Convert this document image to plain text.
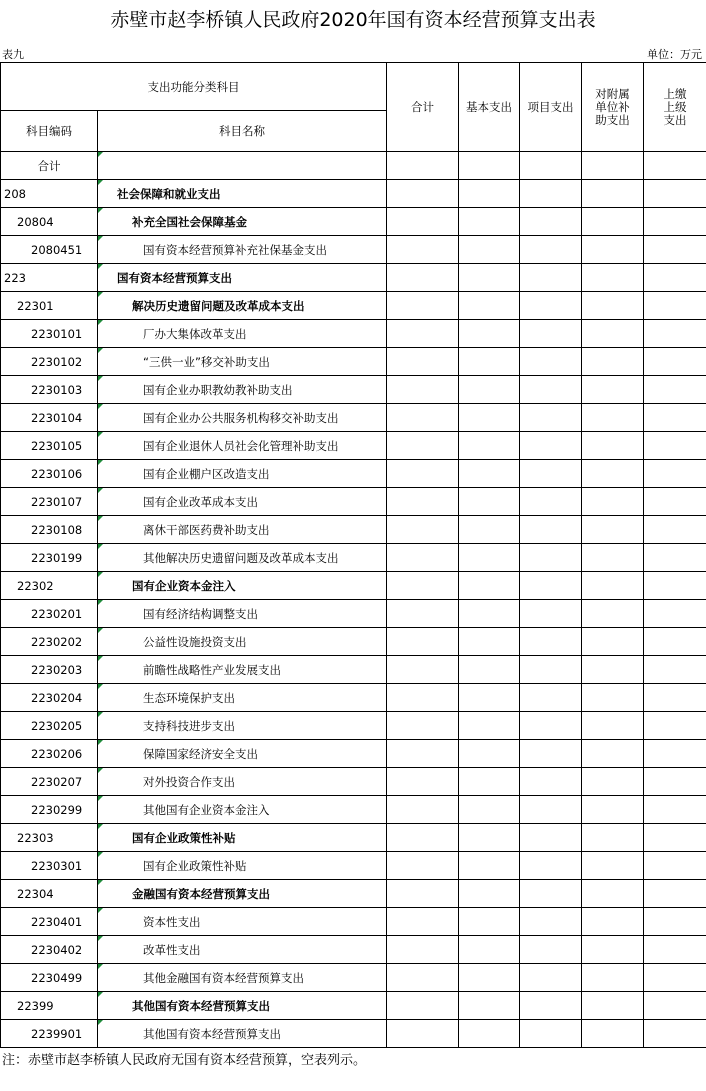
赤壁市赵李桥镇人民政府2020年国有资本经营预算支出表
表九	单位：万元
支出功能分类科目		合计	基本支出	项目支出	对附属单位补助支出	上缴上级支出
科目编码	科目名称					
合计						
208	社会保障和就业支出					
20804	补充全国社会保障基金					
2080451	国有资本经营预算补充社保基金支出					
223	国有资本经营预算支出					
22301	解决历史遗留问题及改革成本支出					
2230101	厂办大集体改革支出					
2230102	“三供一业”移交补助支出					
2230103	国有企业办职教幼教补助支出					
2230104	国有企业办公共服务机构移交补助支出					
2230105	国有企业退休人员社会化管理补助支出					
2230106	国有企业棚户区改造支出					
2230107	国有企业改革成本支出					
2230108	离休干部医药费补助支出					
2230199	其他解决历史遗留问题及改革成本支出					
22302	国有企业资本金注入					
2230201	国有经济结构调整支出					
2230202	公益性设施投资支出					
2230203	前瞻性战略性产业发展支出					
2230204	生态环境保护支出					
2230205	支持科技进步支出					
2230206	保障国家经济安全支出					
2230207	对外投资合作支出					
2230299	其他国有企业资本金注入					
22303	国有企业政策性补贴					
2230301	国有企业政策性补贴					
22304	金融国有资本经营预算支出					
2230401	资本性支出					
2230402	改革性支出					
2230499	其他金融国有资本经营预算支出					
22399	其他国有资本经营预算支出					
2239901	其他国有资本经营预算支出					
注：赤壁市赵李桥镇人民政府无国有资本经营预算，空表列示。
